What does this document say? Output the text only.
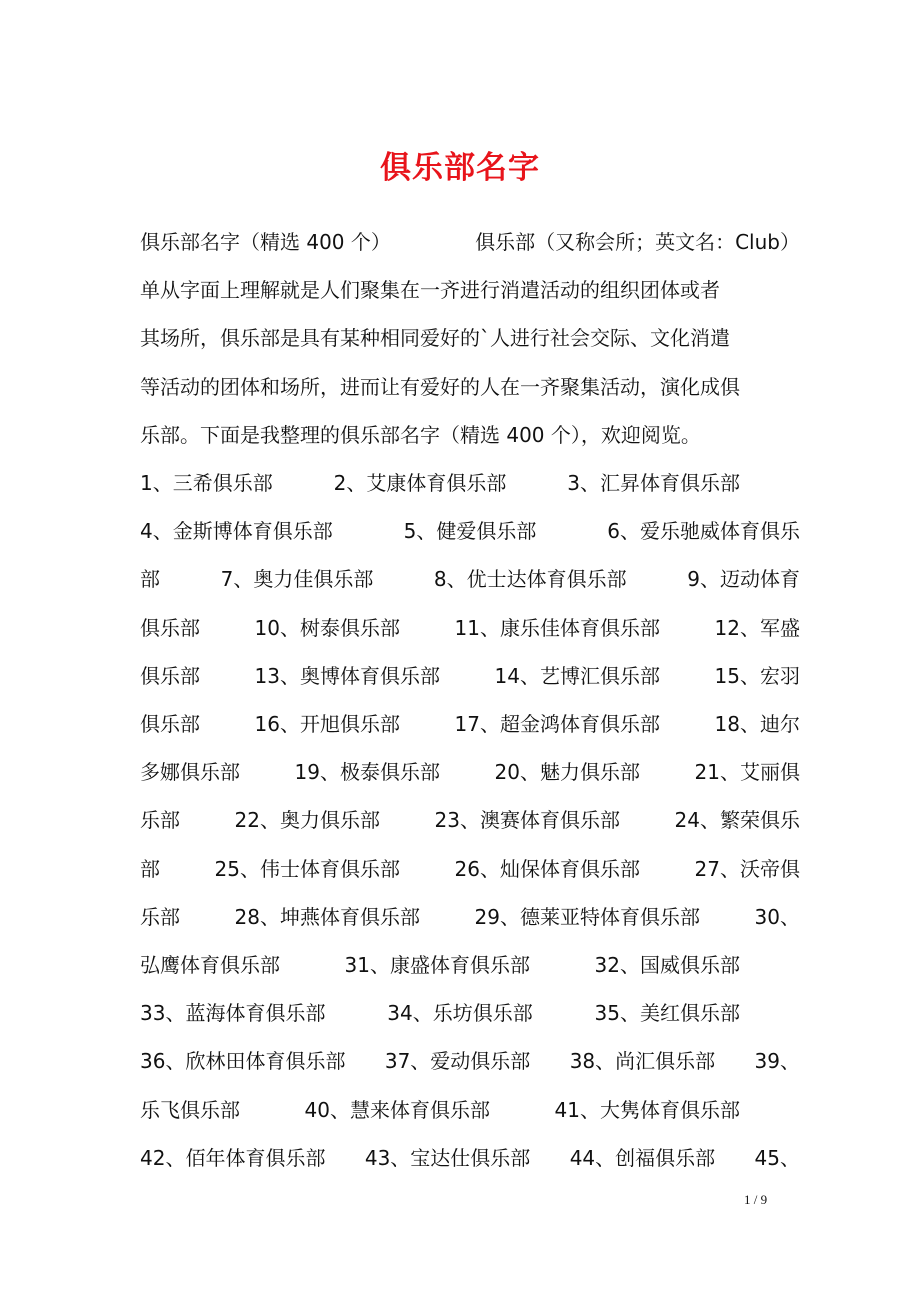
俱乐部名字
俱乐部名字（精选 400 个）	俱乐部（又称会所；英文名：Club）
单从字面上理解就是人们聚集在一齐进行消遣活动的组织团体或者
其场所，俱乐部是具有某种相同爱好的`人进行社会交际、文化消遣
等活动的团体和场所，进而让有爱好的人在一齐聚集活动，演化成俱
乐部。下面是我整理的俱乐部名字（精选 400 个），欢迎阅览。
1、三希俱乐部	2、艾康体育俱乐部	3、汇昇体育俱乐部
4、金斯博体育俱乐部	5、健爱俱乐部	6、爱乐驰威体育俱乐
部	7、奥力佳俱乐部	8、优士达体育俱乐部	9、迈动体育
俱乐部	10、树泰俱乐部	11、康乐佳体育俱乐部	12、军盛
俱乐部	13、奥博体育俱乐部	14、艺博汇俱乐部	15、宏羽
俱乐部	16、开旭俱乐部	17、超金鸿体育俱乐部	18、迪尔
多娜俱乐部	19、极泰俱乐部	20、魅力俱乐部	21、艾丽俱
乐部	22、奥力俱乐部	23、澳赛体育俱乐部	24、繁荣俱乐
部	25、伟士体育俱乐部	26、灿保体育俱乐部	27、沃帝俱
乐部	28、坤燕体育俱乐部	29、德莱亚特体育俱乐部	30、
弘鹰体育俱乐部	31、康盛体育俱乐部	32、国威俱乐部
33、蓝海体育俱乐部	34、乐坊俱乐部	35、美红俱乐部
36、欣林田体育俱乐部 37、爱动俱乐部 38、尚汇俱乐部 39、
乐飞俱乐部	40、慧来体育俱乐部	41、大隽体育俱乐部
42、佰年体育俱乐部 43、宝达仕俱乐部 44、创福俱乐部 45、
1 / 9
